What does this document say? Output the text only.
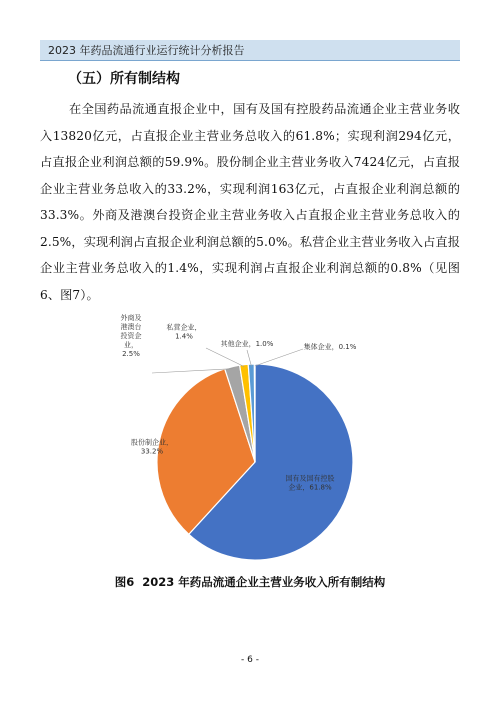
2023 年药品流通行业运行统计分析报告
（五）所有制结构

在全国药品流通直报企业中，国有及国有控股药品流通企业主营业务收入13820亿元，占直报企业主营业务总收入的61.8%；实现利润294亿元，占直报企业利润总额的59.9%。股份制企业主营业务收入7424亿元，占直报企业主营业务总收入的33.2%，实现利润163亿元，占直报企业利润总额的33.3%。外商及港澳台投资企业主营业务收入占直报企业主营业务总收入的2.5%，实现利润占直报企业利润总额的5.0%。私营企业主营业务收入占直报企业主营业务总收入的1.4%，实现利润占直报企业利润总额的0.8%（见图6、图7）。

国有及国有控股企业，61.8%
股份制企业， 33.2%
外商及港澳台投资企业， 2.5%
私营企业， 1.4%
其他企业，1.0%	集体企业，0.1%
图6 2023 年药品流通企业主营业务收入所有制结构
- 6 -
